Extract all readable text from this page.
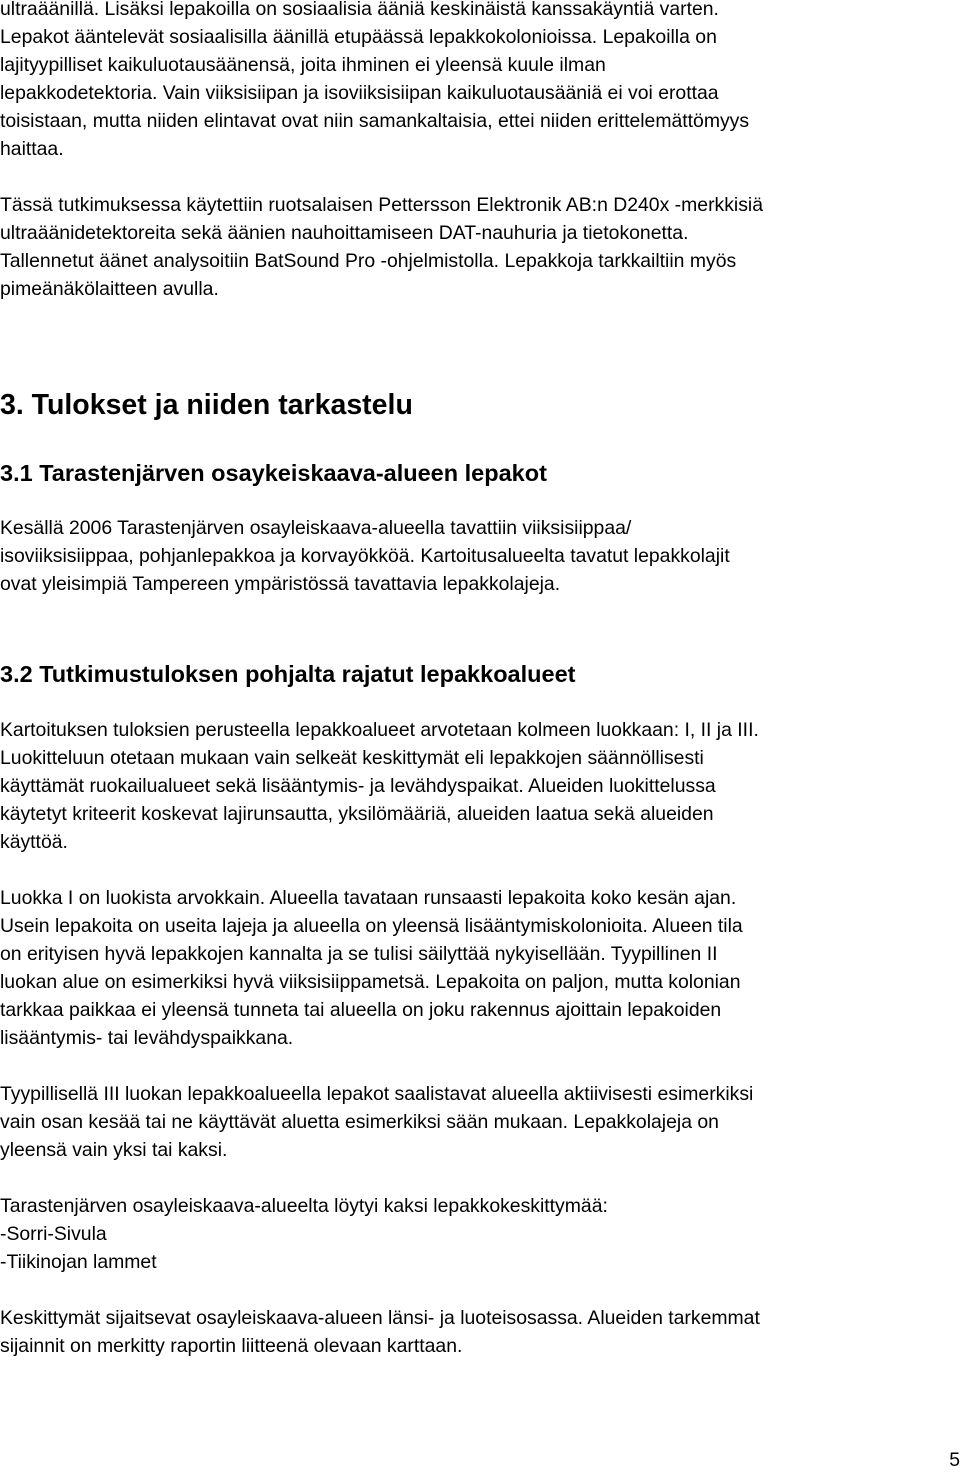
ultraäänillä. Lisäksi lepakoilla on sosiaalisia ääniä keskinäistä kanssakäyntiä varten.

Lepakot ääntelevät sosiaalisilla äänillä etupäässä lepakkokolonioissa. Lepakoilla on

lajityypilliset kaikuluotausäänensä, joita ihminen ei yleensä kuule ilman

lepakkodetektoria. Vain viiksisiipan ja isoviiksisiipan kaikuluotausääniä ei voi erottaa

toisistaan, mutta niiden elintavat ovat niin samankaltaisia, ettei niiden erittelemättömyys

haittaa.

Tässä tutkimuksessa käytettiin ruotsalaisen Pettersson Elektronik AB:n D240x -merkkisiä

ultraäänidetektoreita sekä äänien nauhoittamiseen DAT-nauhuria ja tietokonetta.

Tallennetut äänet analysoitiin BatSound Pro -ohjelmistolla. Lepakkoja tarkkailtiin myös

pimeänäkölaitteen avulla.

3. Tulokset ja niiden tarkastelu
3.1 Tarastenjärven osaykeiskaava-alueen lepakot

Kesällä 2006 Tarastenjärven osayleiskaava-alueella tavattiin viiksisiippaa/

isoviiksisiippaa, pohjanlepakkoa ja korvayökköä. Kartoitusalueelta tavatut lepakkolajit

ovat yleisimpiä Tampereen ympäristössä tavattavia lepakkolajeja.

3.2 Tutkimustuloksen pohjalta rajatut lepakkoalueet

Kartoituksen tuloksien perusteella lepakkoalueet arvotetaan kolmeen luokkaan: I, II ja III.

Luokitteluun otetaan mukaan vain selkeät keskittymät eli lepakkojen säännöllisesti

käyttämät ruokailualueet sekä lisääntymis- ja levähdyspaikat. Alueiden luokittelussa

käytetyt kriteerit koskevat lajirunsautta, yksilömääriä, alueiden laatua sekä alueiden

käyttöä.

Luokka I on luokista arvokkain. Alueella tavataan runsaasti lepakoita koko kesän ajan.

Usein lepakoita on useita lajeja ja alueella on yleensä lisääntymiskolonioita. Alueen tila

on erityisen hyvä lepakkojen kannalta ja se tulisi säilyttää nykyisellään. Tyypillinen II

luokan alue on esimerkiksi hyvä viiksisiippametsä. Lepakoita on paljon, mutta kolonian

tarkkaa paikkaa ei yleensä tunneta tai alueella on joku rakennus ajoittain lepakoiden

lisääntymis- tai levähdyspaikkana.

Tyypillisellä III luokan lepakkoalueella lepakot saalistavat alueella aktiivisesti esimerkiksi

vain osan kesää tai ne käyttävät aluetta esimerkiksi sään mukaan. Lepakkolajeja on

yleensä vain yksi tai kaksi.

Tarastenjärven osayleiskaava-alueelta löytyi kaksi lepakkokeskittymää:

-Sorri-Sivula

-Tiikinojan lammet

Keskittymät sijaitsevat osayleiskaava-alueen länsi- ja luoteisosassa. Alueiden tarkemmat

sijainnit on merkitty raportin liitteenä olevaan karttaan.

5
